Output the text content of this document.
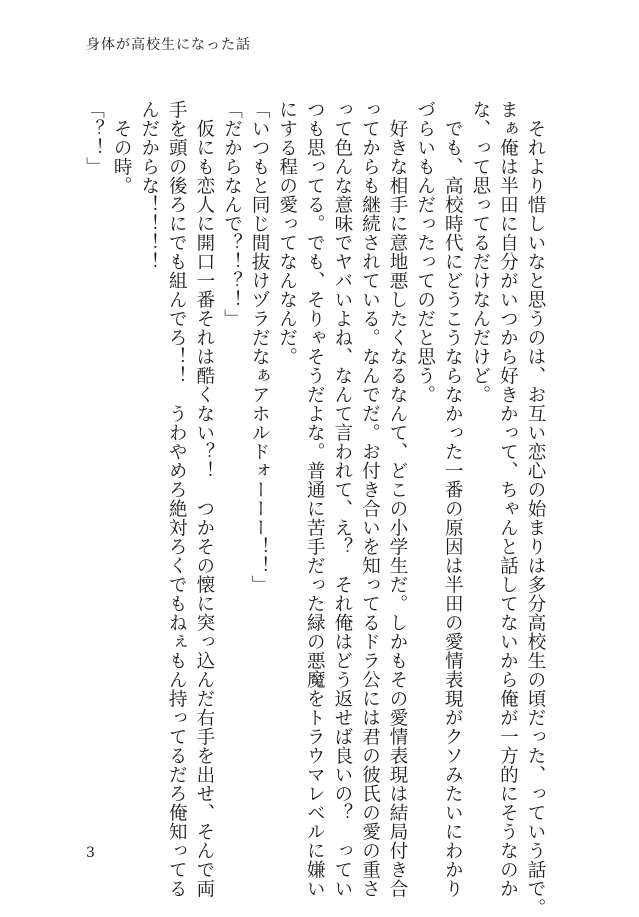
身体が高校生になった話
　それより惜しいなと思うのは、お互い恋心の始まりは多分高校生の頃だった、っていう話で。
まぁ俺は半田に自分がいつから好きかって、ちゃんと話してないから俺が一方的にそうなのか
な、って思ってるだけなんだけど。
　でも、高校時代にどうこうならなかった一番の原因は半田の愛情表現がクソみたいにわかり
づらいもんだったってのだと思う。
　好きな相手に意地悪したくなるなんて、どこの小学生だ。しかもその愛情表現は結局付き合
ってからも継続されている。なんでだ。お付き合いを知ってるドラ公には君の彼氏の愛の重さ
って色んな意味でヤバいよね、なんて言われて、え？　それ俺はどう返せば良いの？　ってい
つも思ってる。でも、そりゃそうだよな。普通に苦手だった緑の悪魔をトラウマレベルに嫌い
にする程の愛ってなんなんだ。
「いつもと同じ間抜けヅラだなぁアホルドォーーー！！」
「だからなんで？！？！」
　仮にも恋人に開口一番それは酷くない？！　つかその懐に突っ込んだ右手を出せ、そんで両
手を頭の後ろにでも組んでろ！！　うわやめろ絶対ろくでもねぇもん持ってるだろ俺知ってる
んだからな！！！！
　その時。
「？！」
3
